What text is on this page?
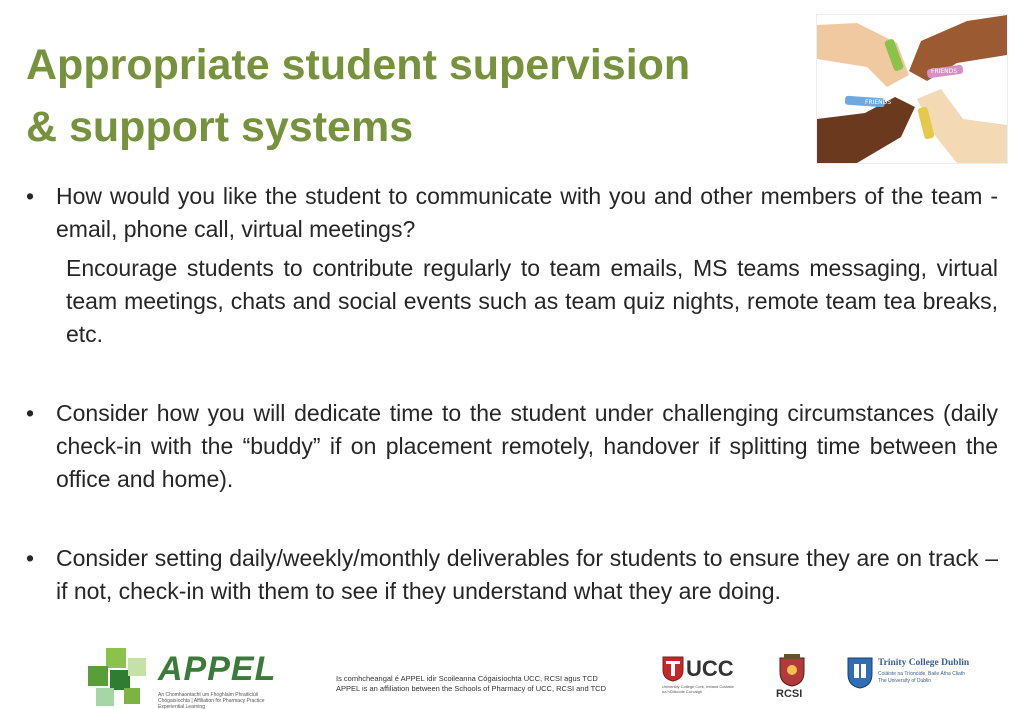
Appropriate student supervision
& support systems
FRIENDS
FRIENDS
• How would you like the student to communicate with you and other members of the team - email, phone call, virtual meetings?
Encourage students to contribute regularly to team emails, MS teams messaging, virtual team meetings, chats and social events such as team quiz nights, remote team tea breaks, etc.
• Consider how you will dedicate time to the student under challenging circumstances (daily check-in with the “buddy” if on placement remotely, handover if splitting time between the office and home).
• Consider setting daily/weekly/monthly deliverables for students to ensure they are on track – if not, check-in with them to see if they understand what they are doing.
APPEL
An Chomhaontacht um Fhoghlaim Phraiticiúil Chógaisíochta | Affiliation for Pharmacy Practice Experiential Learning
Is comhcheangal é APPEL idir Scoileanna Cógaisíochta UCC, RCSI agus TCD
APPEL is an affiliation between the Schools of Pharmacy of UCC, RCSI and TCD
UCC
University College Cork, Ireland Coláiste na hOllscoile Corcaigh	RCSI
Trinity College Dublin
Coláiste na Tríonóide, Baile Átha Cliath
The University of Dublin
